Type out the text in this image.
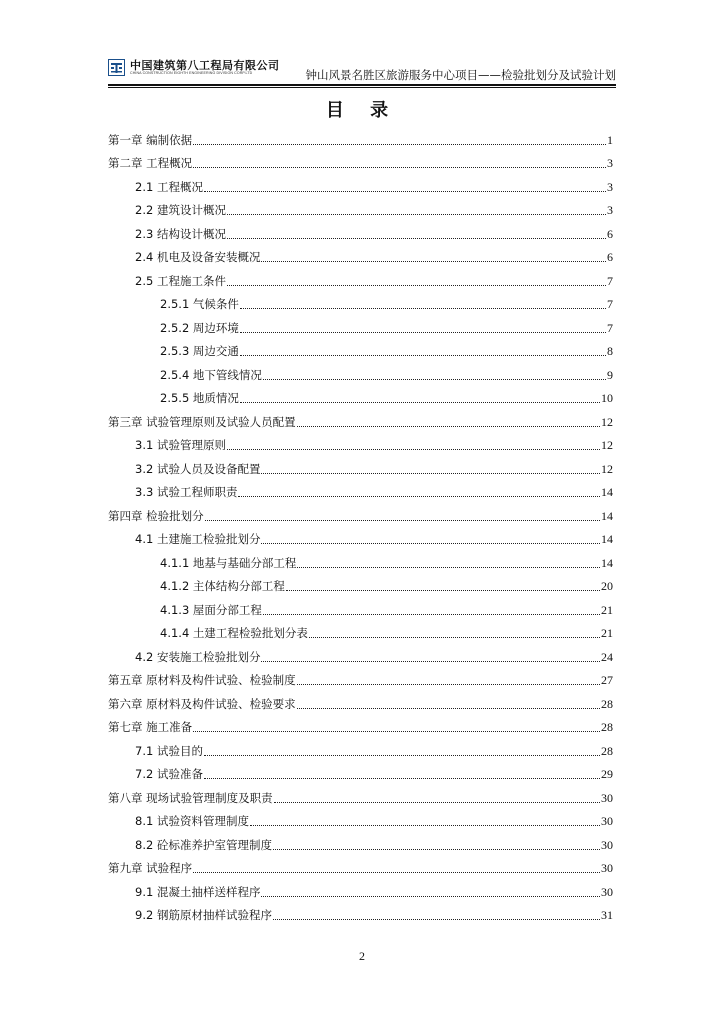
中国建筑第八工程局有限公司
CHINA CONSTRUCTION EIGHTH ENGINEERING DIVISION CORP.LTD	钟山风景名胜区旅游服务中心项目——检验批划分及试验计划
目 录
第一章 编制依据	1
第二章 工程概况	3
2.1 工程概况	3
2.2 建筑设计概况	3
2.3 结构设计概况	6
2.4 机电及设备安装概况	6
2.5 工程施工条件	7
2.5.1 气候条件	7
2.5.2 周边环境	7
2.5.3 周边交通	8
2.5.4 地下管线情况	9
2.5.5 地质情况	10
第三章 试验管理原则及试验人员配置	12
3.1 试验管理原则	12
3.2 试验人员及设备配置	12
3.3 试验工程师职责	14
第四章 检验批划分	14
4.1 土建施工检验批划分	14
4.1.1 地基与基础分部工程	14
4.1.2 主体结构分部工程	20
4.1.3 屋面分部工程	21
4.1.4 土建工程检验批划分表	21
4.2 安装施工检验批划分	24
第五章 原材料及构件试验、检验制度	27
第六章 原材料及构件试验、检验要求	28
第七章 施工准备	28
7.1 试验目的	28
7.2 试验准备	29
第八章 现场试验管理制度及职责	30
8.1 试验资料管理制度	30
8.2 砼标准养护室管理制度	30
第九章 试验程序	30
9.1 混凝土抽样送样程序	30
9.2 钢筋原材抽样试验程序	31
2
